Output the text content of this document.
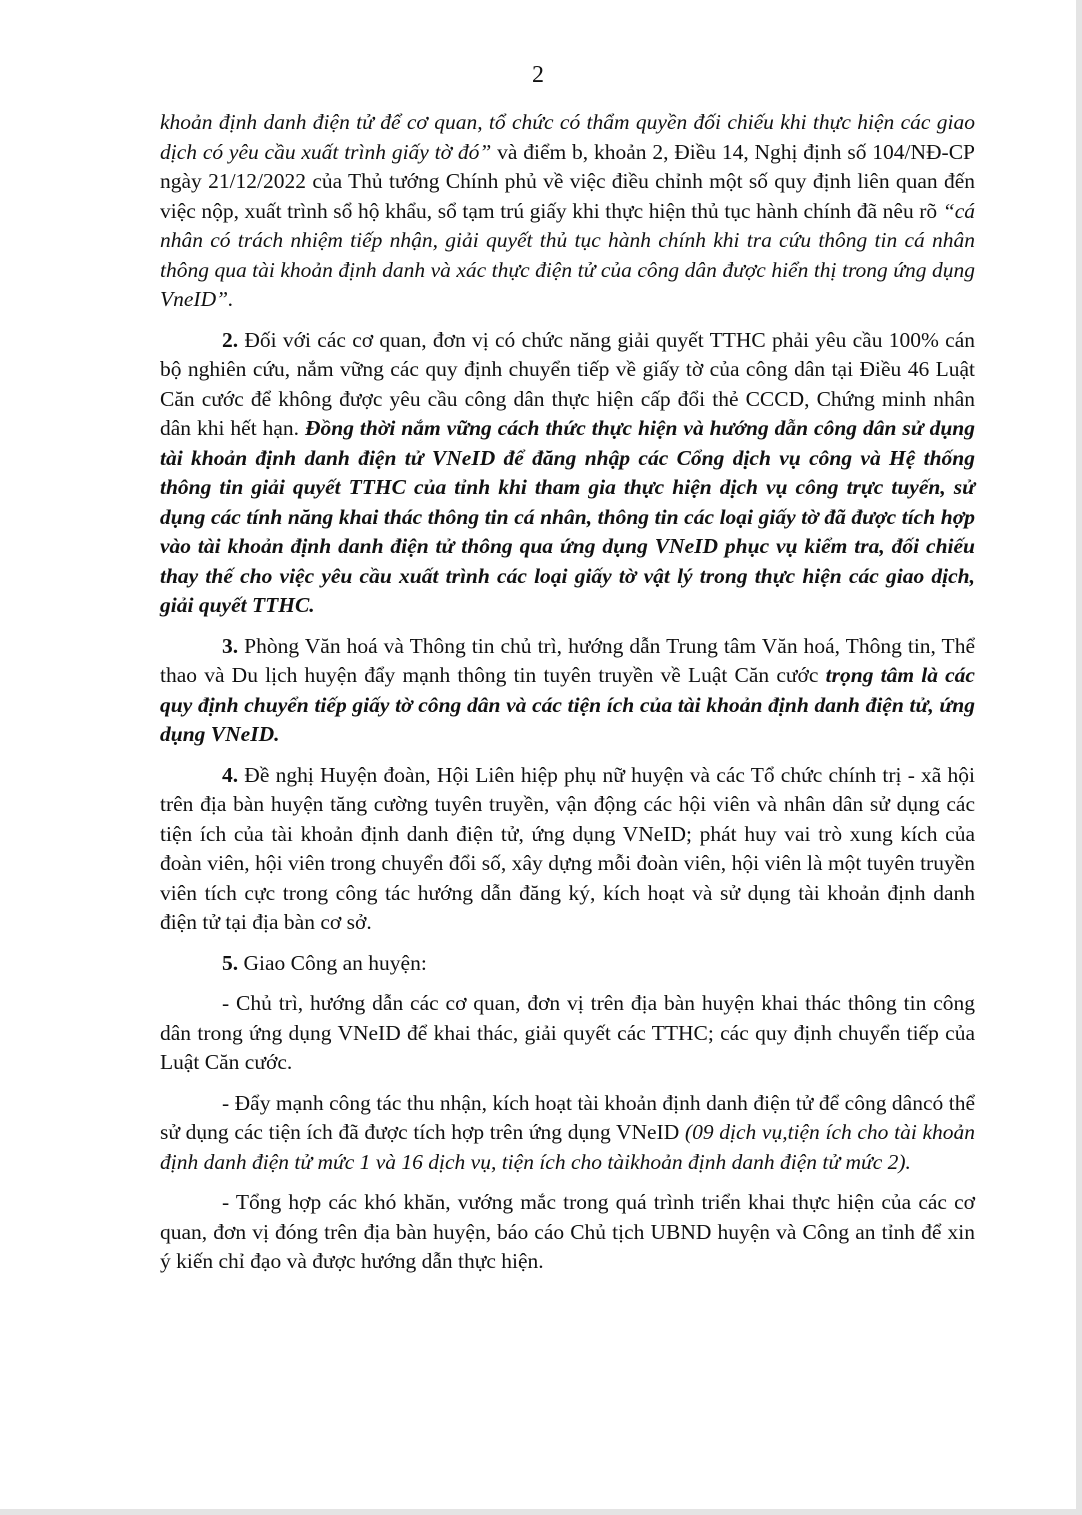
2

khoản định danh điện tử để cơ quan, tổ chức có thẩm quyền đối chiếu khi thực hiện các giao dịch có yêu cầu xuất trình giấy tờ đó” và điểm b, khoản 2, Điều 14, Nghị định số 104/NĐ-CP ngày 21/12/2022 của Thủ tướng Chính phủ về việc điều chỉnh một số quy định liên quan đến việc nộp, xuất trình sổ hộ khẩu, sổ tạm trú giấy khi thực hiện thủ tục hành chính đã nêu rõ “cá nhân có trách nhiệm tiếp nhận, giải quyết thủ tục hành chính khi tra cứu thông tin cá nhân thông qua tài khoản định danh và xác thực điện tử của công dân được hiển thị trong ứng dụng VneID”.

2. Đối với các cơ quan, đơn vị có chức năng giải quyết TTHC phải yêu cầu 100% cán bộ nghiên cứu, nắm vững các quy định chuyển tiếp về giấy tờ của công dân tại Điều 46 Luật Căn cước để không được yêu cầu công dân thực hiện cấp đổi thẻ CCCD, Chứng minh nhân dân khi hết hạn. Đồng thời nắm vững cách thức thực hiện và hướng dẫn công dân sử dụng tài khoản định danh điện tử VNeID để đăng nhập các Cổng dịch vụ công và Hệ thống thông tin giải quyết TTHC của tỉnh khi tham gia thực hiện dịch vụ công trực tuyến, sử dụng các tính năng khai thác thông tin cá nhân, thông tin các loại giấy tờ đã được tích hợp vào tài khoản định danh điện tử thông qua ứng dụng VNeID phục vụ kiểm tra, đối chiếu thay thế cho việc yêu cầu xuất trình các loại giấy tờ vật lý trong thực hiện các giao dịch, giải quyết TTHC.

3. Phòng Văn hoá và Thông tin chủ trì, hướng dẫn Trung tâm Văn hoá, Thông tin, Thể thao và Du lịch huyện đẩy mạnh thông tin tuyên truyền về Luật Căn cước trọng tâm là các quy định chuyển tiếp giấy tờ công dân và các tiện ích của tài khoản định danh điện tử, ứng dụng VNeID.

4. Đề nghị Huyện đoàn, Hội Liên hiệp phụ nữ huyện và các Tổ chức chính trị - xã hội trên địa bàn huyện tăng cường tuyên truyền, vận động các hội viên và nhân dân sử dụng các tiện ích của tài khoản định danh điện tử, ứng dụng VNeID; phát huy vai trò xung kích của đoàn viên, hội viên trong chuyển đổi số, xây dựng mỗi đoàn viên, hội viên là một tuyên truyền viên tích cực trong công tác hướng dẫn đăng ký, kích hoạt và sử dụng tài khoản định danh điện tử tại địa bàn cơ sở.

5. Giao Công an huyện:

- Chủ trì, hướng dẫn các cơ quan, đơn vị trên địa bàn huyện khai thác thông tin công dân trong ứng dụng VNeID để khai thác, giải quyết các TTHC; các quy định chuyển tiếp của Luật Căn cước.

- Đẩy mạnh công tác thu nhận, kích hoạt tài khoản định danh điện tử để công dâncó thể sử dụng các tiện ích đã được tích hợp trên ứng dụng VNeID (09 dịch vụ,tiện ích cho tài khoản định danh điện tử mức 1 và 16 dịch vụ, tiện ích cho tàikhoản định danh điện tử mức 2).

- Tổng hợp các khó khăn, vướng mắc trong quá trình triển khai thực hiện của các cơ quan, đơn vị đóng trên địa bàn huyện, báo cáo Chủ tịch UBND huyện và Công an tỉnh để xin ý kiến chỉ đạo và được hướng dẫn thực hiện.
